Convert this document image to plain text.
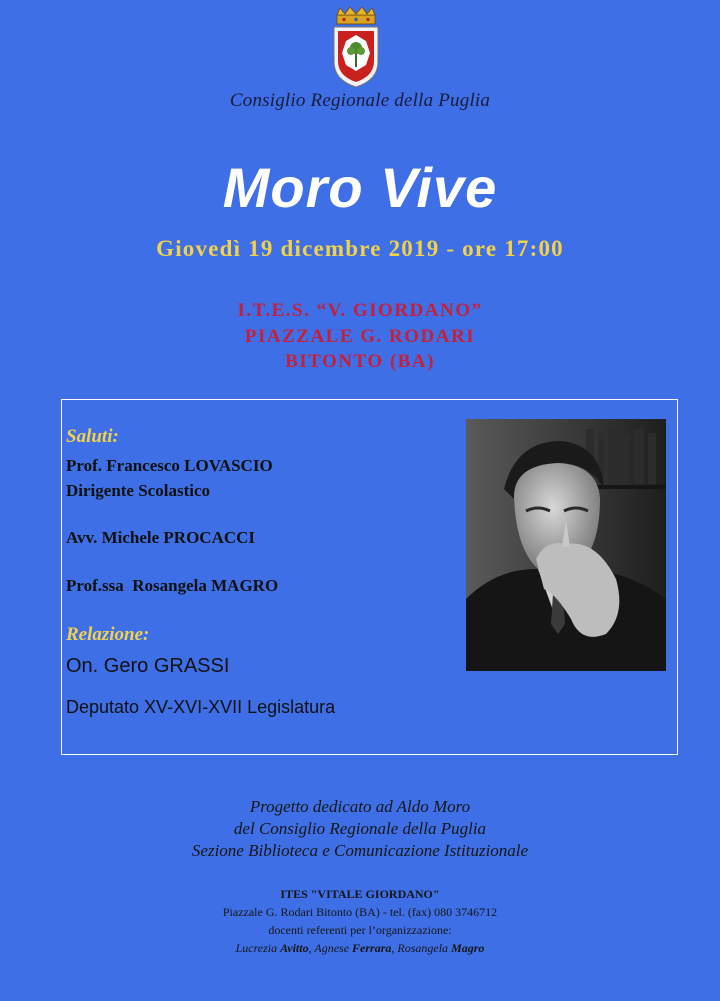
Consiglio Regionale della Puglia
Moro Vive
Giovedì 19 dicembre 2019 - ore 17:00
I.T.E.S. “V. GIORDANO”
PIAZZALE G. RODARI
BITONTO (BA)
Saluti:
Prof. Francesco LOVASCIO
Dirigente Scolastico
Avv. Michele PROCACCI
Prof.ssa  Rosangela MAGRO
Relazione:
On. Gero GRASSI
Deputato XV-XVI-XVII Legislatura
Progetto dedicato ad Aldo Moro
del Consiglio Regionale della Puglia
Sezione Biblioteca e Comunicazione Istituzionale
ITES "VITALE GIORDANO"
Piazzale G. Rodari Bitonto (BA) - tel. (fax) 080 3746712
docenti referenti per l’organizzazione:
Lucrezia Avitto, Agnese Ferrara, Rosangela Magro
